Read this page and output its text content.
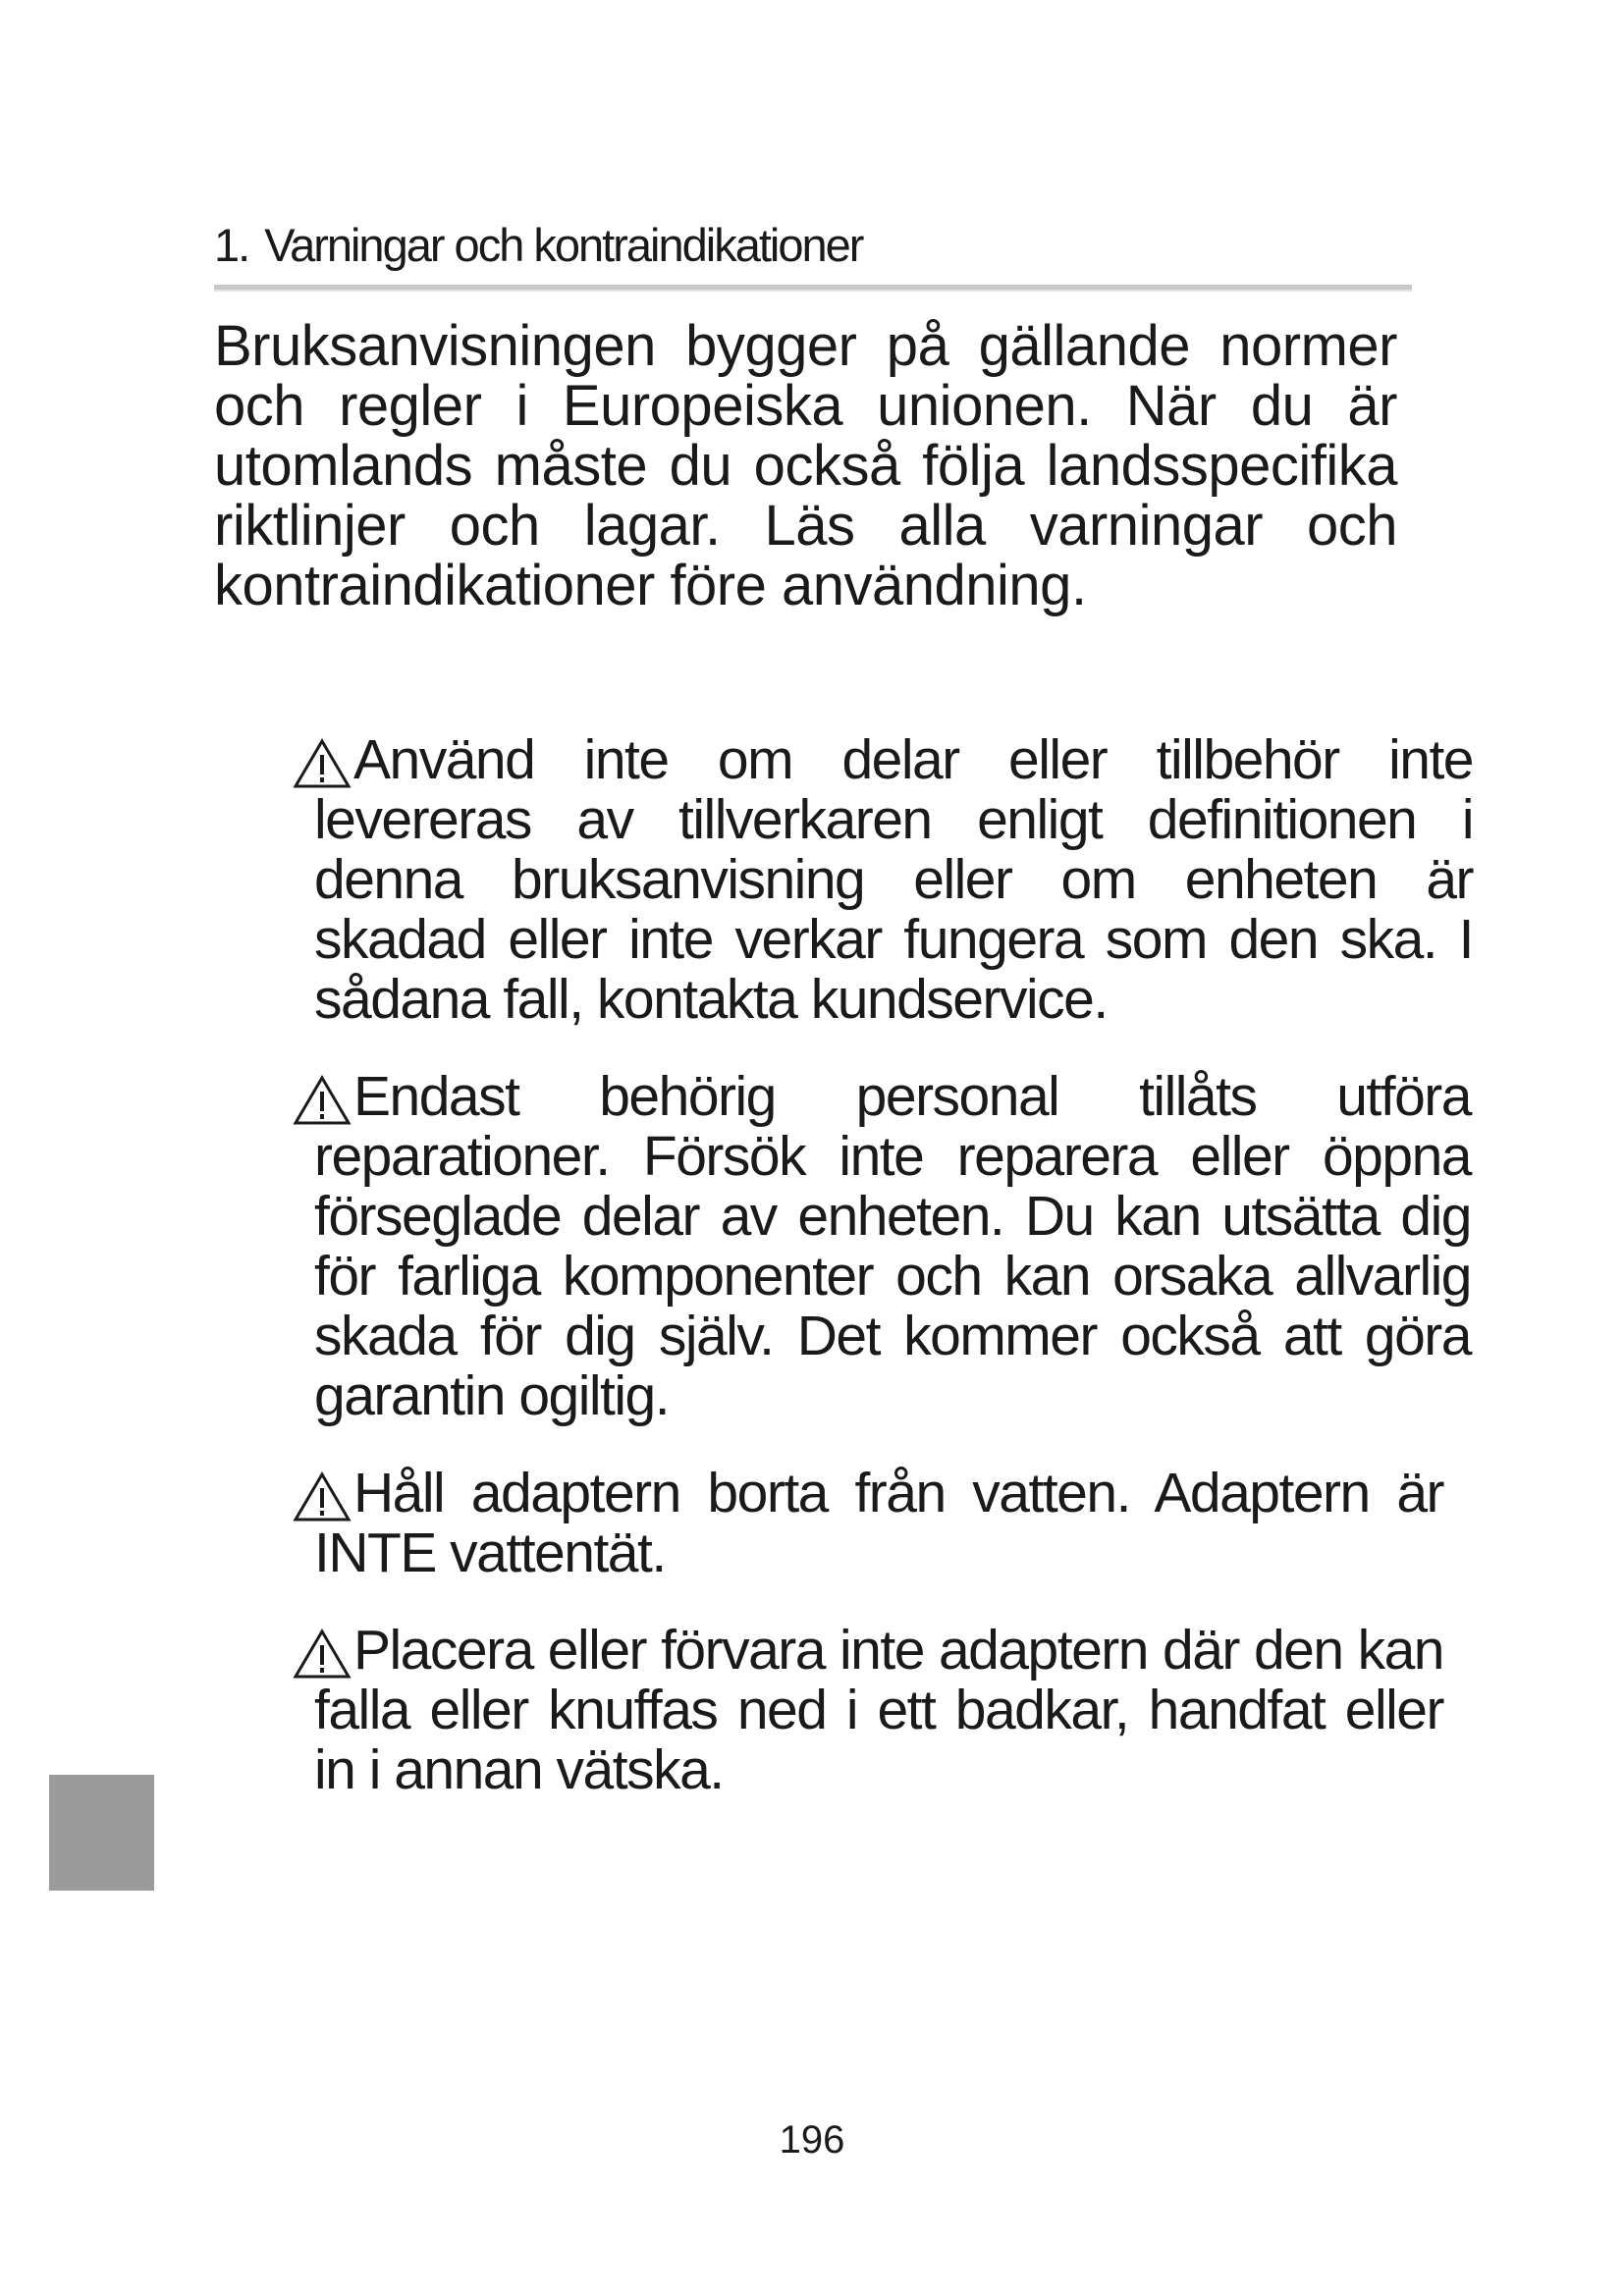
1. Varningar och kontraindikationer

Bruksanvisningen bygger på gällande normer och regler i Europeiska unionen. När du är utomlands måste du också följa landsspecifika riktlinjer och lagar. Läs alla varningar och kontraindikationer före användning.

Använd inte om delar eller tillbehör inte levereras av tillverkaren enligt definitionen i denna bruksanvisning eller om enheten är skadad eller inte verkar fungera som den ska. I sådana fall, kontakta kundservice.
Endast behörig personal tillåts utföra reparationer. Försök inte reparera eller öppna förseglade delar av enheten. Du kan utsätta dig för farliga komponenter och kan orsaka allvarlig skada för dig själv. Det kommer också att göra garantin ogiltig.
Håll adaptern borta från vatten. Adaptern är INTE vattentät.
Placera eller förvara inte adaptern där den kan falla eller knuffas ned i ett badkar, handfat eller in i annan vätska.
196
